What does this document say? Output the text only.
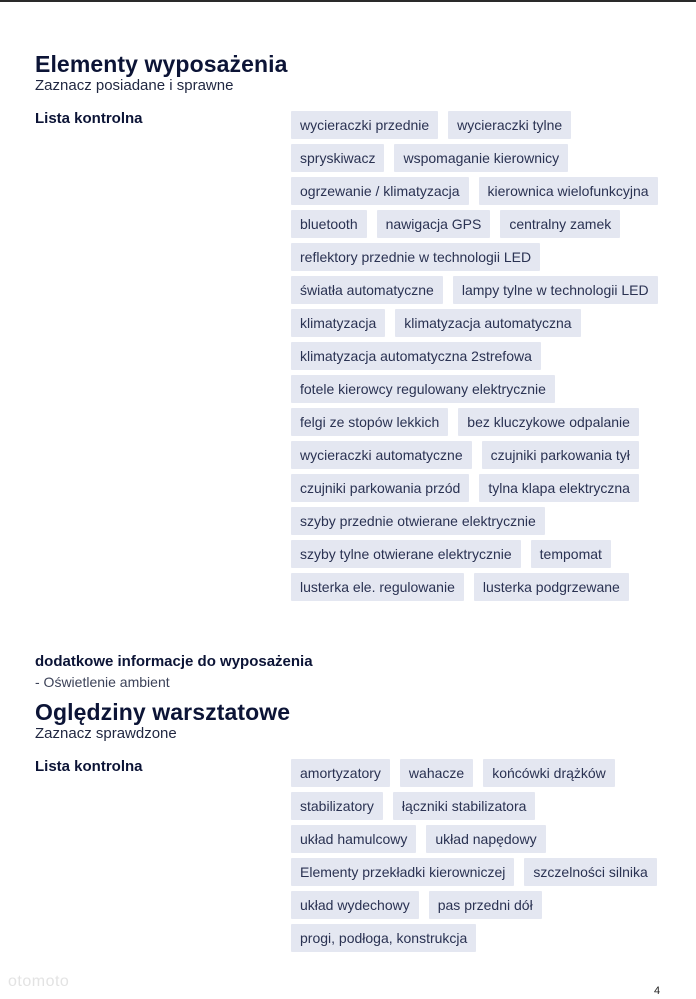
Elementy wyposażenia

Zaznacz posiadane i sprawne

Lista kontrolna	wycieraczki przednie	wycieraczki tylne
spryskiwacz	wspomaganie kierownicy
ogrzewanie / klimatyzacja	kierownica wielofunkcyjna
bluetooth	nawigacja GPS	centralny zamek
reflektory przednie w technologii LED
światła automatyczne	lampy tylne w technologii LED
klimatyzacja	klimatyzacja automatyczna
klimatyzacja automatyczna 2strefowa
fotele kierowcy regulowany elektrycznie
felgi ze stopów lekkich	bez kluczykowe odpalanie
wycieraczki automatyczne	czujniki parkowania tył
czujniki parkowania przód	tylna klapa elektryczna
szyby przednie otwierane elektrycznie
szyby tylne otwierane elektrycznie	tempomat
lusterka ele. regulowanie	lusterka podgrzewane

dodatkowe informacje do wyposażenia

- Oświetlenie ambient

Oględziny warsztatowe

Zaznacz sprawdzone

Lista kontrolna	amortyzatory	wahacze	końcówki drążków
stabilizatory	łączniki stabilizatora
układ hamulcowy	układ napędowy
Elementy przekładki kierowniczej	szczelności silnika
układ wydechowy	pas przedni dół
progi, podłoga, konstrukcja
otomoto
4
